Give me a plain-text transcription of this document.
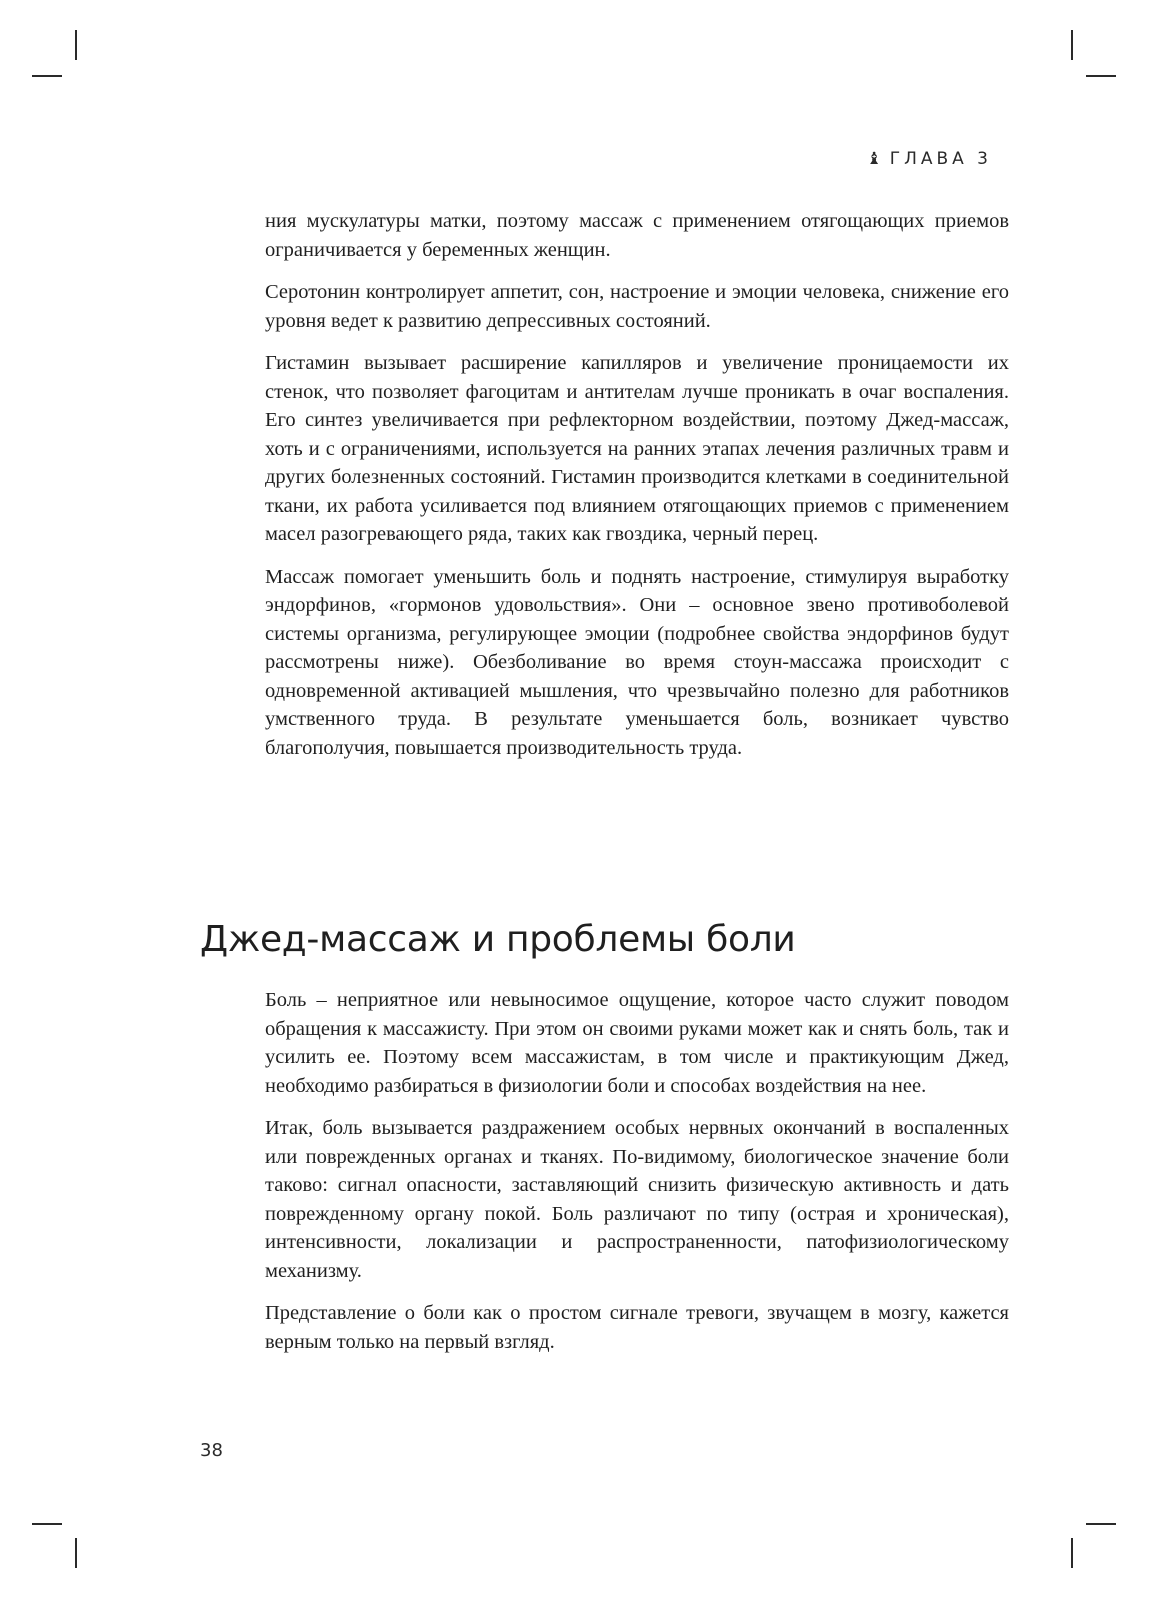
♝ ГЛАВА 3

ния мускулатуры матки, поэтому массаж с применением отягощающих приемов ограничивается у беременных женщин.

Серотонин контролирует аппетит, сон, настроение и эмоции человека, снижение его уровня ведет к развитию депрессивных состояний.

Гистамин вызывает расширение капилляров и увеличение проницаемости их стенок, что позволяет фагоцитам и антителам лучше проникать в очаг воспаления. Его синтез увеличивается при рефлекторном воздействии, поэтому Джед-массаж, хоть и с ограничениями, используется на ранних этапах лечения различных травм и других болезненных состояний. Гистамин производится клетками в соединительной ткани, их работа усиливается под влиянием отягощающих приемов с применением масел разогревающего ряда, таких как гвоздика, черный перец.

Массаж помогает уменьшить боль и поднять настроение, стимулируя выработку эндорфинов, «гормонов удовольствия». Они – основное звено противоболевой системы организма, регулирующее эмоции (подробнее свойства эндорфинов будут рассмотрены ниже). Обезболивание во время стоун-массажа происходит с одновременной активацией мышления, что чрезвычайно полезно для работников умственного труда. В результате уменьшается боль, возникает чувство благополучия, повышается производительность труда.

Джед-массаж и проблемы боли

Боль – неприятное или невыносимое ощущение, которое часто служит поводом обращения к массажисту. При этом он своими руками может как и снять боль, так и усилить ее. Поэтому всем массажистам, в том числе и практикующим Джед, необходимо разбираться в физиологии боли и способах воздействия на нее.

Итак, боль вызывается раздражением особых нервных окончаний в воспаленных или поврежденных органах и тканях. По-видимому, биологическое значение боли таково: сигнал опасности, заставляющий снизить физическую активность и дать поврежденному органу покой. Боль различают по типу (острая и хроническая), интенсивности, локализации и распространенности, патофизиологическому механизму.

Представление о боли как о простом сигнале тревоги, звучащем в мозгу, кажется верным только на первый взгляд.

38
